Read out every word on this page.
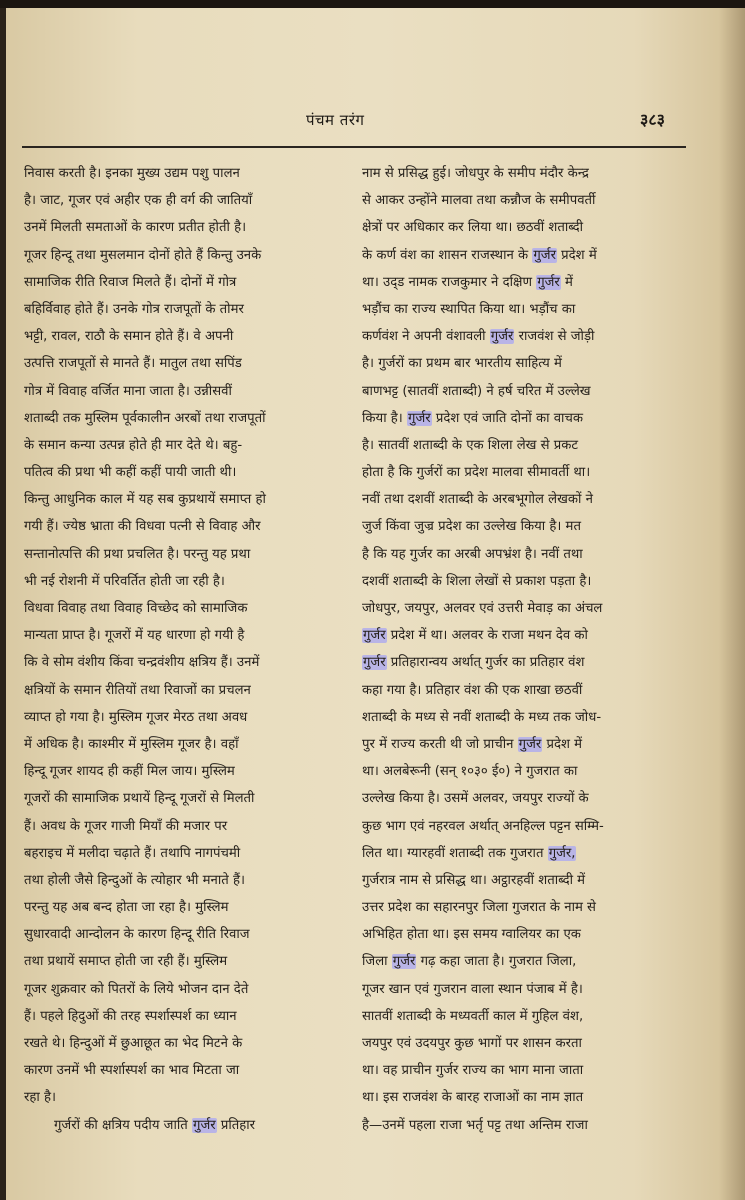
पंचम तरंग	३८३
निवास करती है। इनका मुख्य उद्यम पशु पालन
है। जाट, गूजर एवं अहीर एक ही वर्ग की जातियाँ
उनमें मिलती समताओं के कारण प्रतीत होती है।
गूजर हिन्दू तथा मुसलमान दोनों होते हैं किन्तु उनके
सामाजिक रीति रिवाज मिलते हैं। दोनों में गोत्र
बहिर्विवाह होते हैं। उनके गोत्र राजपूतों के तोमर
भट्टी, रावल, राठौ के समान होते हैं। वे अपनी
उत्पत्ति राजपूतों से मानते हैं। मातुल तथा सपिंड
गोत्र में विवाह वर्जित माना जाता है। उन्नीसवीं
शताब्दी तक मुस्लिम पूर्वकालीन अरबों तथा राजपूतों
के समान कन्या उत्पन्न होते ही मार देते थे। बहु-
पतित्व की प्रथा भी कहीं कहीं पायी जाती थी।
किन्तु आधुनिक काल में यह सब कुप्रथायें समाप्त हो
गयी हैं। ज्येष्ठ भ्राता की विधवा पत्नी से विवाह और
सन्तानोत्पत्ति की प्रथा प्रचलित है। परन्तु यह प्रथा
भी नई रोशनी में परिवर्तित होती जा रही है।
विधवा विवाह तथा विवाह विच्छेद को सामाजिक
मान्यता प्राप्त है। गूजरों में यह धारणा हो गयी है
कि वे सोम वंशीय किंवा चन्द्रवंशीय क्षत्रिय हैं। उनमें
क्षत्रियों के समान रीतियों तथा रिवाजों का प्रचलन
व्याप्त हो गया है। मुस्लिम गूजर मेरठ तथा अवध
में अधिक है। काश्मीर में मुस्लिम गूजर है। वहाँ
हिन्दू गूजर शायद ही कहीं मिल जाय। मुस्लिम
गूजरों की सामाजिक प्रथायें हिन्दू गूजरों से मिलती
हैं। अवध के गूजर गाजी मियाँ की मजार पर
बहराइच में मलीदा चढ़ाते हैं। तथापि नागपंचमी
तथा होली जैसे हिन्दुओं के त्योहार भी मनाते हैं।
परन्तु यह अब बन्द होता जा रहा है। मुस्लिम
सुधारवादी आन्दोलन के कारण हिन्दू रीति रिवाज
तथा प्रथायें समाप्त होती जा रही हैं। मुस्लिम
गूजर शुक्रवार को पितरों के लिये भोजन दान देते
हैं। पहले हिदुओं की तरह स्पर्शास्पर्श का ध्यान
रखते थे। हिन्दुओं में छुआछूत का भेद मिटने के
कारण उनमें भी स्पर्शास्पर्श का भाव मिटता जा
रहा है।
गुर्जरों की क्षत्रिय पदीय जाति गुर्जर प्रतिहार
नाम से प्रसिद्ध हुई। जोधपुर के समीप मंदौर केन्द्र
से आकर उन्होंने मालवा तथा कन्नौज के समीपवर्ती
क्षेत्रों पर अधिकार कर लिया था। छठवीं शताब्दी
के कर्ण वंश का शासन राजस्थान के गुर्जर प्रदेश में
था। उद्ड नामक राजकुमार ने दक्षिण गुर्जर में
भड़ौंच का राज्य स्थापित किया था। भड़ौंच का
कर्णवंश ने अपनी वंशावली गुर्जर राजवंश से जोड़ी
है। गुर्जरों का प्रथम बार भारतीय साहित्य में
बाणभट्ट (सातवीं शताब्दी) ने हर्ष चरित में उल्लेख
किया है। गुर्जर प्रदेश एवं जाति दोनों का वाचक
है। सातवीं शताब्दी के एक शिला लेख से प्रकट
होता है कि गुर्जरों का प्रदेश मालवा सीमावर्ती था।
नवीं तथा दशवीं शताब्दी के अरबभूगोल लेखकों ने
जुर्ज किंवा जुज्र प्रदेश का उल्लेख किया है। मत
है कि यह गुर्जर का अरबी अपभ्रंश है। नवीं तथा
दशवीं शताब्दी के शिला लेखों से प्रकाश पड़ता है।
जोधपुर, जयपुर, अलवर एवं उत्तरी मेवाड़ का अंचल
गुर्जर प्रदेश में था। अलवर के राजा मथन देव को
गुर्जर प्रतिहारान्वय अर्थात् गुर्जर का प्रतिहार वंश
कहा गया है। प्रतिहार वंश की एक शाखा छठवीं
शताब्दी के मध्य से नवीं शताब्दी के मध्य तक जोध-
पुर में राज्य करती थी जो प्राचीन गुर्जर प्रदेश में
था। अलबेरूनी (सन् १०३० ई०) ने गुजरात का
उल्लेख किया है। उसमें अलवर, जयपुर राज्यों के
कुछ भाग एवं नहरवल अर्थात् अनहिल्ल पट्टन सम्मि-
लित था। ग्यारहवीं शताब्दी तक गुजरात गुर्जर,
गुर्जरात्र नाम से प्रसिद्ध था। अट्ठारहवीं शताब्दी में
उत्तर प्रदेश का सहारनपुर जिला गुजरात के नाम से
अभिहित होता था। इस समय ग्वालियर का एक
जिला गुर्जर गढ़ कहा जाता है। गुजरात जिला,
गूजर खान एवं गुजरान वाला स्थान पंजाब में है।
सातवीं शताब्दी के मध्यवर्ती काल में गुहिल वंश,
जयपुर एवं उदयपुर कुछ भागों पर शासन करता
था। वह प्राचीन गुर्जर राज्य का भाग माना जाता
था। इस राजवंश के बारह राजाओं का नाम ज्ञात
है—उनमें पहला राजा भर्तृ पट्ट तथा अन्तिम राजा
